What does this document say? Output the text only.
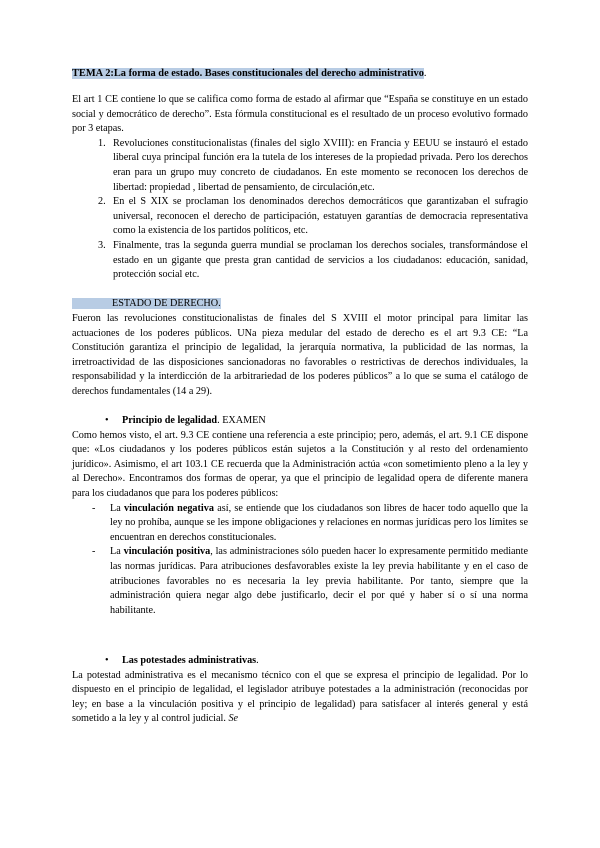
TEMA 2:La forma de estado. Bases constitucionales del derecho administrativo.

El art 1 CE contiene lo que se califica como forma de estado al afirmar que “España se constituye en un estado social y democrático de derecho”. Esta fórmula constitucional es el resultado de un proceso evolutivo formado por 3 etapas.

1. Revoluciones constitucionalistas (finales del siglo XVIII): en Francia y EEUU se instauró el estado liberal cuya principal función era la tutela de los intereses de la propiedad privada. Pero los derechos eran para un grupo muy concreto de ciudadanos. En este momento se reconocen los derechos de libertad: propiedad , libertad de pensamiento, de circulación,etc.
2. En el S XIX se proclaman los denominados derechos democráticos que garantizaban el sufragio universal, reconocen el derecho de participación, estatuyen garantías de democracia representativa como la existencia de los partidos políticos, etc.
3. Finalmente, tras la segunda guerra mundial se proclaman los derechos sociales, transformándose el estado en un gigante que presta gran cantidad de servicios a los ciudadanos: educación, sanidad, protección social etc.

ESTADO DE DERECHO.

Fueron las revoluciones constitucionalistas de finales del S XVIII el motor principal para limitar las actuaciones de los poderes públicos. UNa pieza medular del estado de derecho es el art 9.3 CE: “La Constitución garantiza el principio de legalidad, la jerarquía normativa, la publicidad de las normas, la irretroactividad de las disposiciones sancionadoras no favorables o restrictivas de derechos individuales, la responsabilidad y la interdicción de la arbitrariedad de los poderes públicos” a lo que se suma el catálogo de derechos fundamentales (14 a 29).

• Principio de legalidad. EXAMEN

Como hemos visto, el art. 9.3 CE contiene una referencia a este principio; pero, además, el art. 9.1 CE dispone que: «Los ciudadanos y los poderes públicos están sujetos a la Constitución y al resto del ordenamiento jurídico». Asimismo, el art 103.1 CE recuerda que la Administración actúa «con sometimiento pleno a la ley y al Derecho». Encontramos dos formas de operar, ya que el principio de legalidad opera de diferente manera para los ciudadanos que para los poderes públicos:

- La vinculación negativa así, se entiende que los ciudadanos son libres de hacer todo aquello que la ley no prohíba, aunque se les impone obligaciones y relaciones en normas jurídicas pero los límites se encuentran en derechos constitucionales.
- La vinculación positiva, las administraciones sólo pueden hacer lo expresamente permitido mediante las normas jurídicas. Para atribuciones desfavorables existe la ley previa habilitante y en el caso de atribuciones favorables no es necesaria la ley previa habilitante. Por tanto, siempre que la administración quiera negar algo debe justificarlo, decir el por qué y haber sí o sí una norma habilitante.

• Las potestades administrativas.

La potestad administrativa es el mecanismo técnico con el que se expresa el principio de legalidad. Por lo dispuesto en el principio de legalidad, el legislador atribuye potestades a la administración (reconocidas por ley; en base a la vinculación positiva y el principio de legalidad) para satisfacer al interés general y está sometido a la ley y al control judicial. Se
